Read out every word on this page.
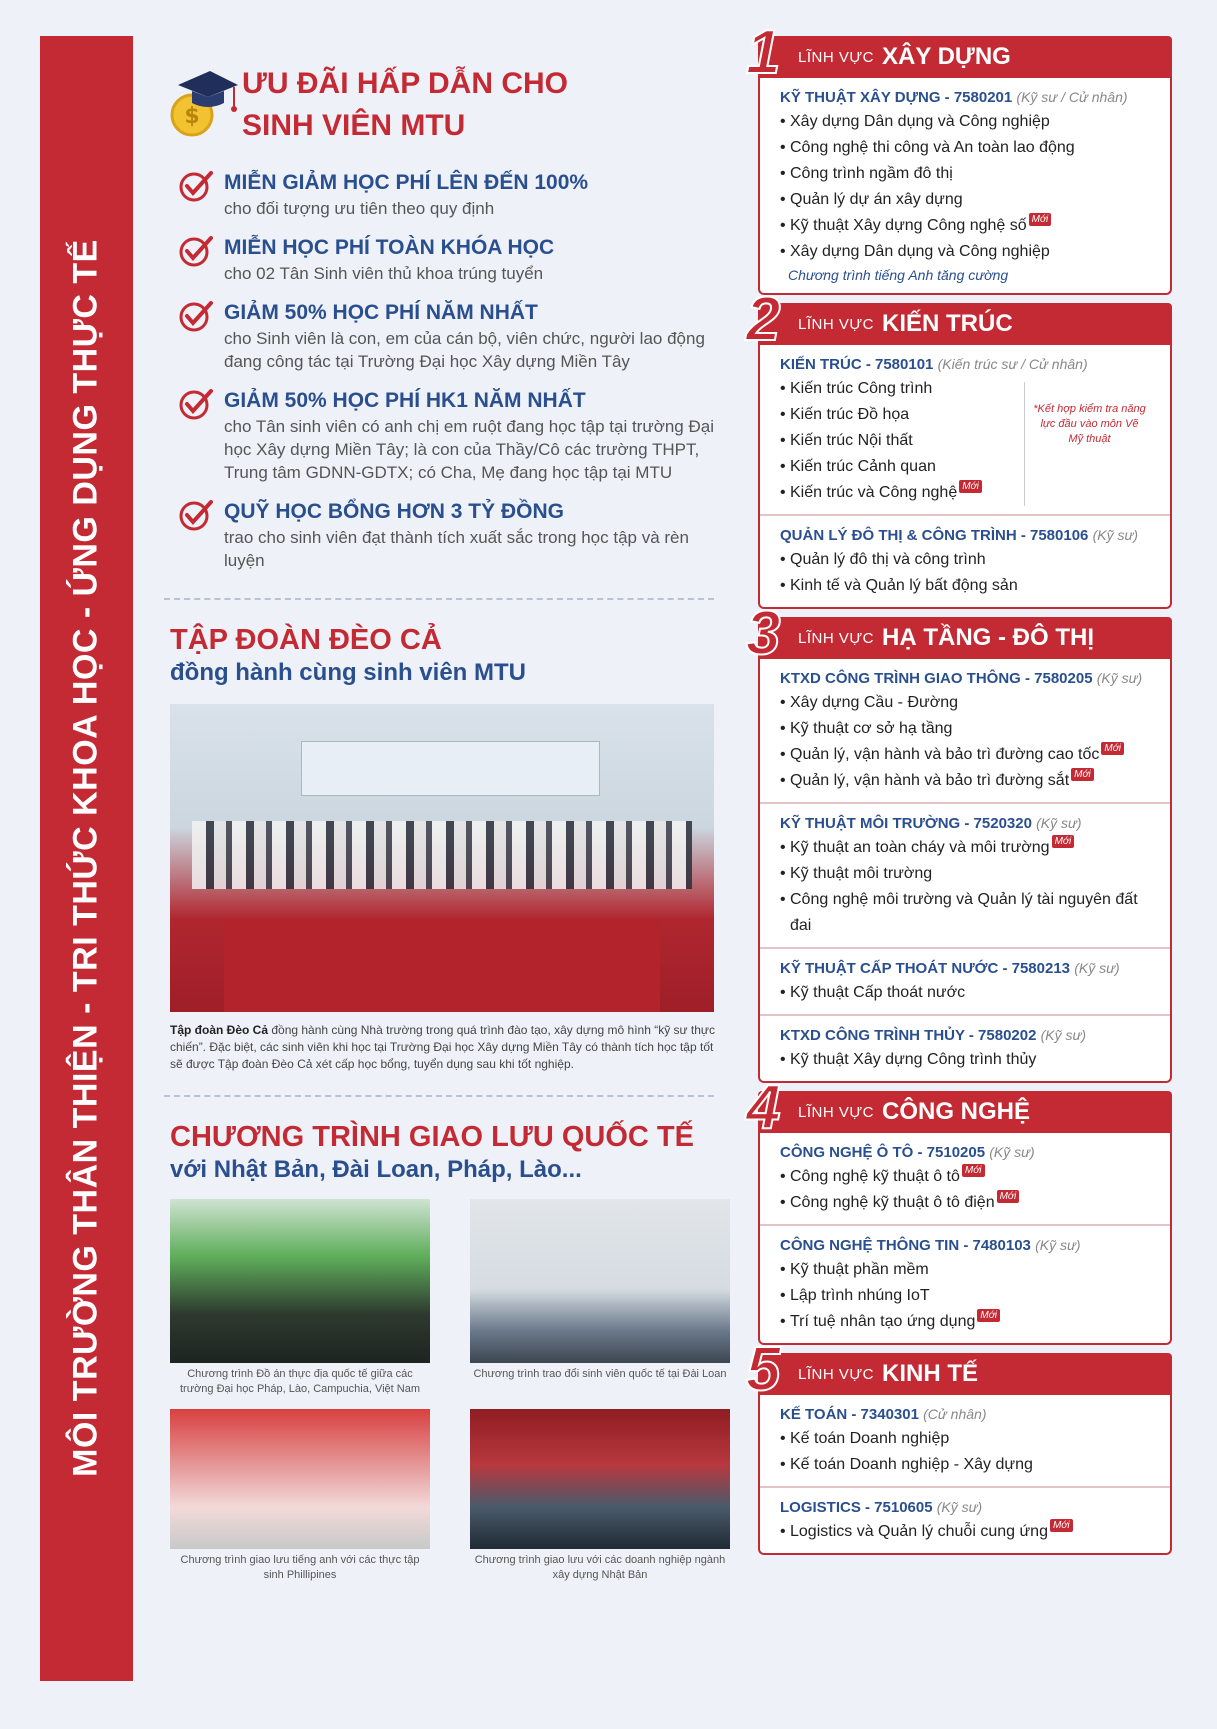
MÔI TRƯỜNG THÂN THIỆN - TRI THỨC KHOA HỌC - ỨNG DỤNG THỰC TẾ
$
ƯU ĐÃI HẤP DẪN CHO
SINH VIÊN MTU
MIỄN GIẢM HỌC PHÍ LÊN ĐẾN 100%
cho đối tượng ưu tiên theo quy định
MIỄN HỌC PHÍ TOÀN KHÓA HỌC
cho 02 Tân Sinh viên thủ khoa trúng tuyển
GIẢM 50% HỌC PHÍ NĂM NHẤT
cho Sinh viên là con, em của cán bộ, viên chức, người lao động đang công tác tại Trường Đại học Xây dựng Miền Tây
GIẢM 50% HỌC PHÍ HK1 NĂM NHẤT
cho Tân sinh viên có anh chị em ruột đang học tập tại trường Đại học Xây dựng Miền Tây; là con của Thầy/Cô các trường THPT, Trung tâm GDNN-GDTX; có Cha, Mẹ đang học tập tại MTU
QUỸ HỌC BỔNG HƠN 3 TỶ ĐỒNG
trao cho sinh viên đạt thành tích xuất sắc trong học tập và rèn luyện
TẬP ĐOÀN ĐÈO CẢ
đồng hành cùng sinh viên MTU
Tập đoàn Đèo Cả đồng hành cùng Nhà trường trong quá trình đào tạo, xây dựng mô hình “kỹ sư thực chiến”. Đặc biệt, các sinh viên khi học tại Trường Đại học Xây dựng Miền Tây có thành tích học tập tốt sẽ được Tập đoàn Đèo Cả xét cấp học bổng, tuyển dụng sau khi tốt nghiệp.
CHƯƠNG TRÌNH GIAO LƯU QUỐC TẾ
với Nhật Bản, Đài Loan, Pháp, Lào...
Chương trình Đồ án thực địa quốc tế giữa các trường Đại học Pháp, Lào, Campuchia, Việt Nam
Chương trình trao đổi sinh viên quốc tế tại Đài Loan
Chương trình giao lưu tiếng anh với các thực tập sinh Phillipines
Chương trình giao lưu với các doanh nghiệp ngành xây dựng Nhật Bản
1 LĨNH VỰC XÂY DỰNG
KỸ THUẬT XÂY DỰNG - 7580201 (Kỹ sư / Cử nhân)
• Xây dựng Dân dụng và Công nghiệp
• Công nghệ thi công và An toàn lao động
• Công trình ngầm đô thị
• Quản lý dự án xây dựng
• Kỹ thuật Xây dựng Công nghệ số Mới
• Xây dựng Dân dụng và Công nghiệp
Chương trình tiếng Anh tăng cường
2 LĨNH VỰC KIẾN TRÚC
KIẾN TRÚC - 7580101 (Kiến trúc sư / Cử nhân)
• Kiến trúc Công trình
• Kiến trúc Đồ họa
• Kiến trúc Nội thất
• Kiến trúc Cảnh quan
• Kiến trúc và Công nghệ Mới
*Kết hợp kiểm tra năng lực đầu vào môn Vẽ Mỹ thuật
QUẢN LÝ ĐÔ THỊ & CÔNG TRÌNH - 7580106 (Kỹ sư)
• Quản lý đô thị và công trình
• Kinh tế và Quản lý bất động sản
3 LĨNH VỰC HẠ TẦNG - ĐÔ THỊ
KTXD CÔNG TRÌNH GIAO THÔNG - 7580205 (Kỹ sư)
• Xây dựng Cầu - Đường
• Kỹ thuật cơ sở hạ tầng
• Quản lý, vận hành và bảo trì đường cao tốc Mới
• Quản lý, vận hành và bảo trì đường sắt Mới
KỸ THUẬT MÔI TRƯỜNG - 7520320 (Kỹ sư)
• Kỹ thuật an toàn cháy và môi trường Mới
• Kỹ thuật môi trường
• Công nghệ môi trường và Quản lý tài nguyên đất đai
KỸ THUẬT CẤP THOÁT NƯỚC - 7580213 (Kỹ sư)
• Kỹ thuật Cấp thoát nước
KTXD CÔNG TRÌNH THỦY - 7580202 (Kỹ sư)
• Kỹ thuật Xây dựng Công trình thủy
4 LĨNH VỰC CÔNG NGHỆ
CÔNG NGHỆ Ô TÔ - 7510205 (Kỹ sư)
• Công nghệ kỹ thuật ô tô Mới
• Công nghệ kỹ thuật ô tô điện Mới
CÔNG NGHỆ THÔNG TIN - 7480103 (Kỹ sư)
• Kỹ thuật phần mềm
• Lập trình nhúng IoT
• Trí tuệ nhân tạo ứng dụng Mới
5 LĨNH VỰC KINH TẾ
KẾ TOÁN - 7340301 (Cử nhân)
• Kế toán Doanh nghiệp
• Kế toán Doanh nghiệp - Xây dựng
LOGISTICS - 7510605 (Kỹ sư)
• Logistics và Quản lý chuỗi cung ứng Mới
